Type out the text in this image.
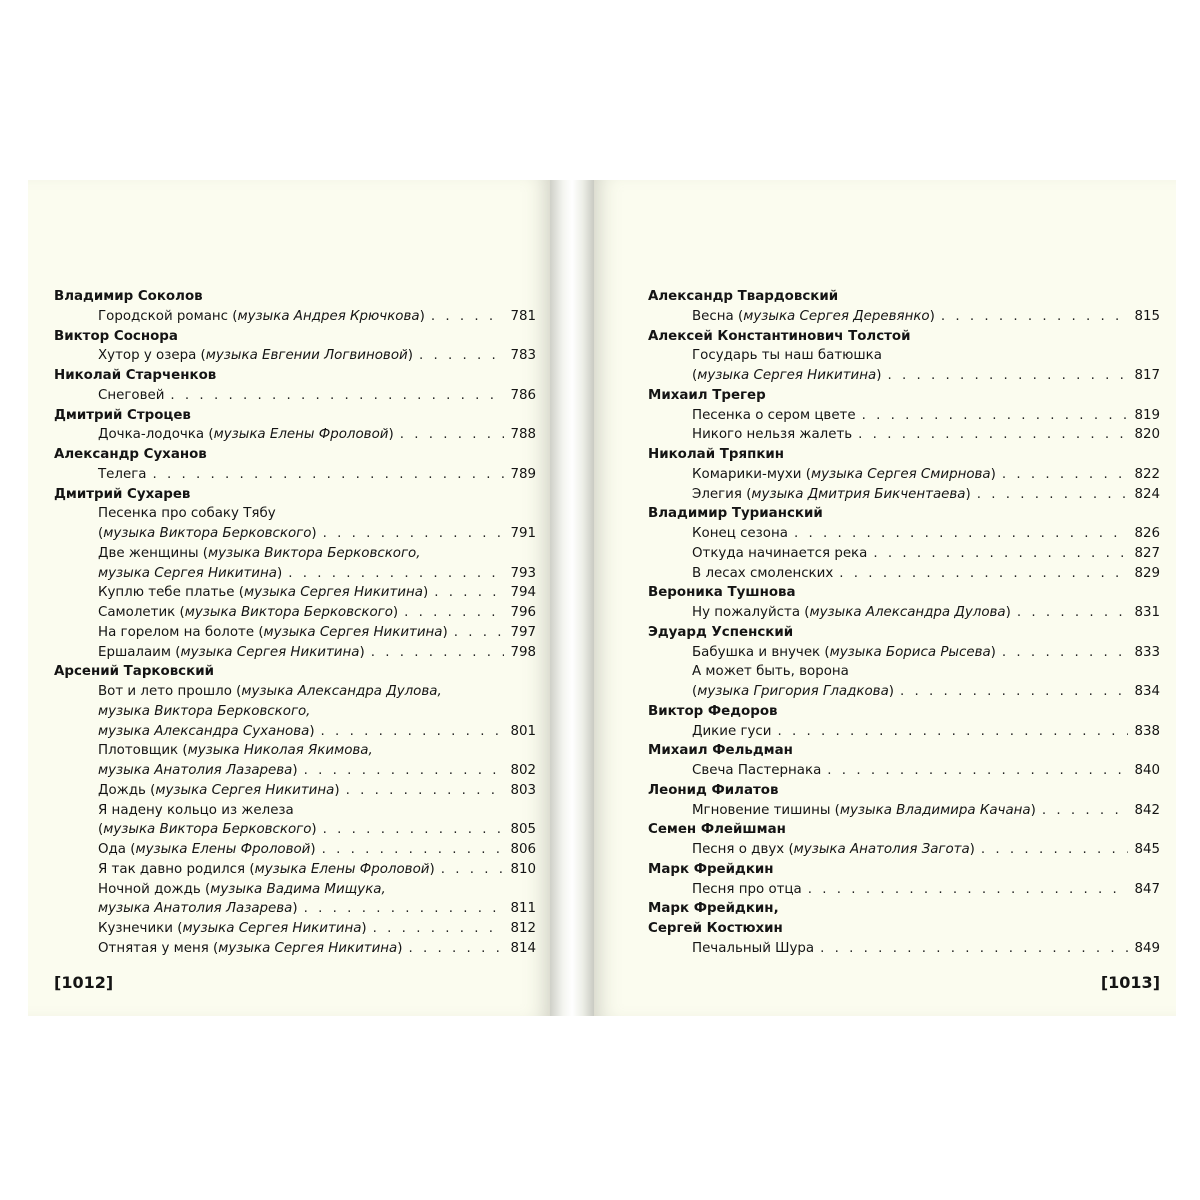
Владимир Соколов
Городской романс (музыка Андрея Крючкова) . . .	781
Виктор Соснора
Хутор у озера (музыка Евгении Логвиновой) . . .	783
Николай Старченков
Снеговей . . .	786
Дмитрий Строцев
Дочка-лодочка (музыка Елены Фроловой) . . .	788
Александр Суханов
Телега . . .	789
Дмитрий Сухарев
Песенка про собаку Тябу
(музыка Виктора Берковского) . . .	791
Две женщины (музыка Виктора Берковского,
музыка Сергея Никитина) . . .	793
Куплю тебе платье (музыка Сергея Никитина) . . .	794
Самолетик (музыка Виктора Берковского) . . .	796
На горелом на болоте (музыка Сергея Никитина) . . .	797
Ершалаим (музыка Сергея Никитина) . . .	798
Арсений Тарковский
Вот и лето прошло (музыка Александра Дулова,
музыка Виктора Берковского,
музыка Александра Суханова) . . .	801
Плотовщик (музыка Николая Якимова,
музыка Анатолия Лазарева) . . .	802
Дождь (музыка Сергея Никитина) . . .	803
Я надену кольцо из железа
(музыка Виктора Берковского) . . .	805
Ода (музыка Елены Фроловой) . . .	806
Я так давно родился (музыка Елены Фроловой) . . .	810
Ночной дождь (музыка Вадима Мищука,
музыка Анатолия Лазарева) . . .	811
Кузнечики (музыка Сергея Никитина) . . .	812
Отнятая у меня (музыка Сергея Никитина) . . .	814
[1012]
Александр Твардовский
Весна (музыка Сергея Деревянко) . . .	815
Алексей Константинович Толстой
Государь ты наш батюшка
(музыка Сергея Никитина) . . .	817
Михаил Трегер
Песенка о сером цвете . . .	819
Никого нельзя жалеть . . .	820
Николай Тряпкин
Комарики-мухи (музыка Сергея Смирнова) . . .	822
Элегия (музыка Дмитрия Бикчентаева) . . .	824
Владимир Турианский
Конец сезона . . .	826
Откуда начинается река . . .	827
В лесах смоленских . . .	829
Вероника Тушнова
Ну пожалуйста (музыка Александра Дулова) . . .	831
Эдуард Успенский
Бабушка и внучек (музыка Бориса Рысева) . . .	833
А может быть, ворона
(музыка Григория Гладкова) . . .	834
Виктор Федоров
Дикие гуси . . .	838
Михаил Фельдман
Свеча Пастернака . . .	840
Леонид Филатов
Мгновение тишины (музыка Владимира Качана) . . .	842
Семен Флейшман
Песня о двух (музыка Анатолия Загота) . . .	845
Марк Фрейдкин
Песня про отца . . .	847
Марк Фрейдкин,
Сергей Костюхин
Печальный Шура . . .	849
[1013]
